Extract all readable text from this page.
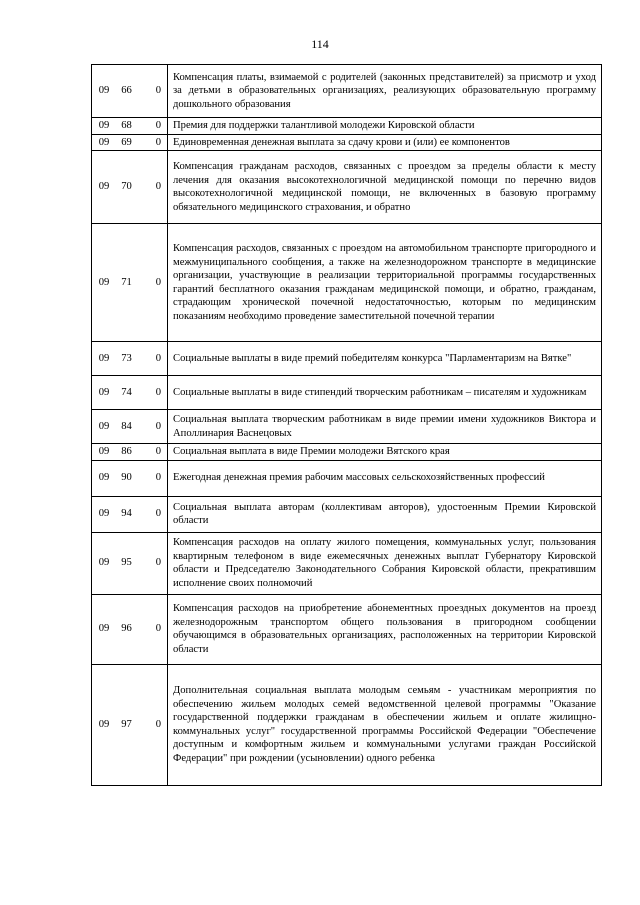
114
09	66	0	Компенсация платы, взимаемой с родителей (законных представителей) за присмотр и уход за детьми в образовательных организациях, реализующих образовательную программу дошкольного образования
09	68	0	Премия для поддержки талантливой молодежи Кировской области
09	69	0	Единовременная денежная выплата за сдачу крови и (или) ее компонентов
09	70	0	Компенсация гражданам расходов, связанных с проездом за пределы области к месту лечения для оказания высокотехнологичной медицинской помощи по перечню видов высокотехнологичной медицинской помощи, не включенных в базовую программу обязательного медицинского страхования, и обратно
09	71	0	Компенсация расходов, связанных с проездом на автомобильном транспорте пригородного и межмуниципального сообщения, а также на железнодорожном транспорте в медицинские организации, участвующие в реализации территориальной программы государственных гарантий бесплатного оказания гражданам медицинской помощи, и обратно, гражданам, страдающим хронической почечной недостаточностью, которым по медицинским показаниям необходимо проведение заместительной почечной терапии
09	73	0	Социальные выплаты в виде премий победителям конкурса "Парламентаризм на Вятке"
09	74	0	Социальные выплаты в виде стипендий творческим работникам – писателям и художникам
09	84	0	Социальная выплата творческим работникам в виде премии имени художников Виктора и Аполлинария Васнецовых
09	86	0	Социальная выплата в виде Премии молодежи Вятского края
09	90	0	Ежегодная денежная премия рабочим массовых сельскохозяйственных профессий
09	94	0	Социальная выплата авторам (коллективам авторов), удостоенным Премии Кировской области
09	95	0	Компенсация расходов на оплату жилого помещения, коммунальных услуг, пользования квартирным телефоном в виде ежемесячных денежных выплат Губернатору Кировской области и Председателю Законодательного Собрания Кировской области, прекратившим исполнение своих полномочий
09	96	0	Компенсация расходов на приобретение абонементных проездных документов на проезд железнодорожным транспортом общего пользования в пригородном сообщении обучающимся в образовательных организациях, расположенных на территории Кировской области
09	97	0	Дополнительная социальная выплата молодым семьям - участникам мероприятия по обеспечению жильем молодых семей ведомственной целевой программы "Оказание государственной поддержки гражданам в обеспечении жильем и оплате жилищно-коммунальных услуг" государственной программы Российской Федерации "Обеспечение доступным и комфортным жильем и коммунальными услугами граждан Российской Федерации" при рождении (усыновлении) одного ребенка
